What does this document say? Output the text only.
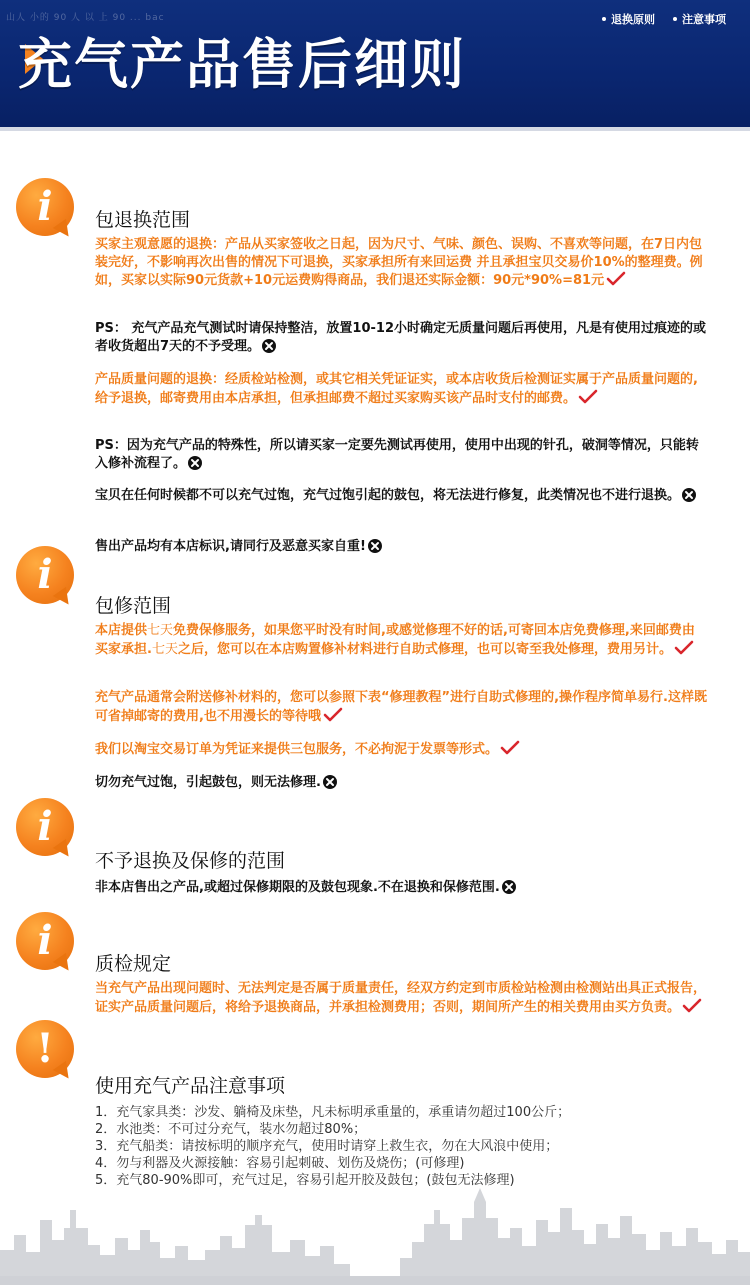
山人 小的 90 人 以 上 90 ... bac	退换原则 注意事项
充气产品售后细则
i	包退换范围
买家主观意愿的退换：产品从买家签收之日起，因为尺寸、气味、颜色、误购、不喜欢等问题，在7日内包装完好，不影响再次出售的情况下可退换，买家承担所有来回运费 并且承担宝贝交易价10%的整理费。例如，买家以实际90元货款+10元运费购得商品，我们退还实际金额：90元*90%=81元
PS： 充气产品充气测试时请保持整洁，放置10-12小时确定无质量问题后再使用，凡是有使用过痕迹的或者收货超出7天的不予受理。
产品质量问题的退换：经质检站检测，或其它相关凭证证实，或本店收货后检测证实属于产品质量问题的,给予退换，邮寄费用由本店承担，但承担邮费不超过买家购买该产品时支付的邮费。
PS：因为充气产品的特殊性，所以请买家一定要先测试再使用，使用中出现的针孔，破洞等情况，只能转入修补流程了。
宝贝在任何时候都不可以充气过饱，充气过饱引起的鼓包，将无法进行修复，此类情况也不进行退换。
售出产品均有本店标识,请同行及恶意买家自重!
i
包修范围
本店提供七天免费保修服务，如果您平时没有时间,或感觉修理不好的话,可寄回本店免费修理,来回邮费由买家承担.七天之后，您可以在本店购置修补材料进行自助式修理，也可以寄至我处修理，费用另计。
充气产品通常会附送修补材料的，您可以参照下表“修理教程”进行自助式修理的,操作程序简单易行.这样既可省掉邮寄的费用,也不用漫长的等待哦
我们以淘宝交易订单为凭证来提供三包服务，不必拘泥于发票等形式。
切勿充气过饱，引起鼓包，则无法修理.
i
不予退换及保修的范围
非本店售出之产品,或超过保修期限的及鼓包现象.不在退换和保修范围.
i	质检规定
当充气产品出现问题时、无法判定是否属于质量责任，经双方约定到市质检站检测由检测站出具正式报告，证实产品质量问题后，将给予退换商品，并承担检测费用；否则，期间所产生的相关费用由买方负责。
!
使用充气产品注意事项
1．充气家具类：沙发、躺椅及床垫，凡未标明承重量的，承重请勿超过100公斤；
2．水池类：不可过分充气，装水勿超过80%；
3．充气船类：请按标明的顺序充气，使用时请穿上救生衣，勿在大风浪中使用；
4．勿与利器及火源接触：容易引起刺破、划伤及烧伤；(可修理)
5．充气80-90%即可，充气过足，容易引起开胶及鼓包；(鼓包无法修理)
